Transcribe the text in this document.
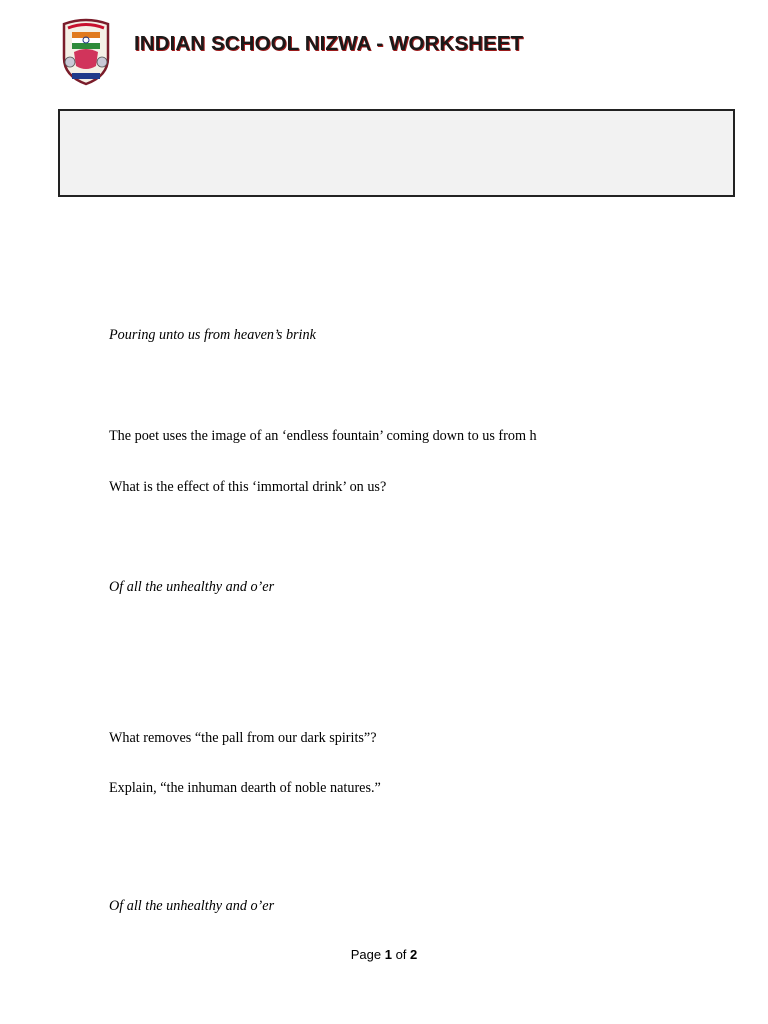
INDIAN SCHOOL NIZWA - WORKSHEET
Pouring unto us from heaven’s brink
The poet uses the image of an ‘endless fountain’ coming down to us from h
What is the effect of this ‘immortal drink’ on us?
Of all the unhealthy and o’er
What removes “the pall from our dark spirits”?
Explain, “the inhuman dearth of noble natures.”
Of all the unhealthy and o’er
Page 1 of 2
